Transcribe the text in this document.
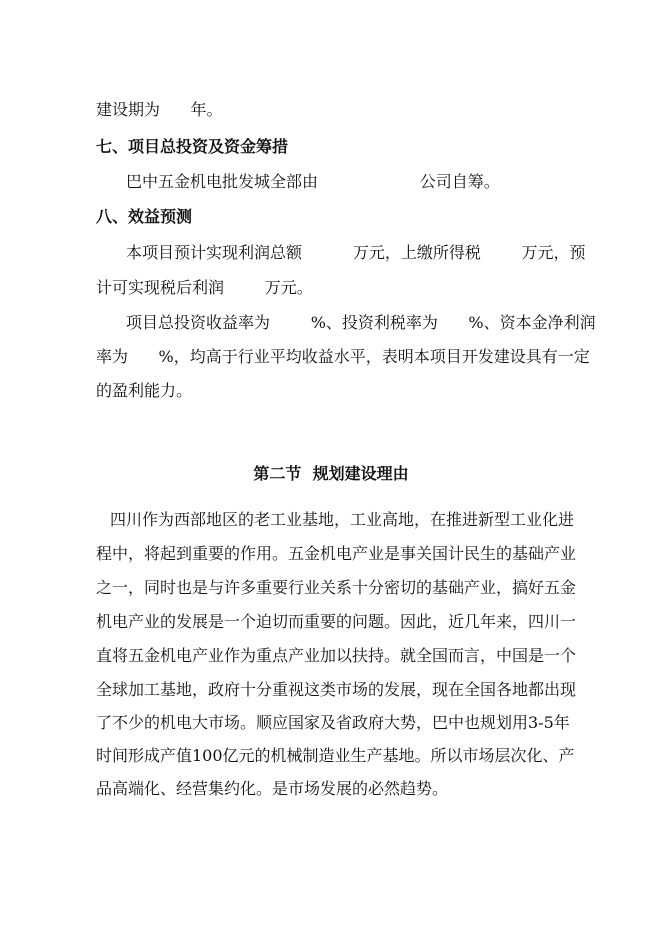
建设期为      年。
七、项目总投资及资金筹措
巴中五金机电批发城全部由                    公司自筹。
八、效益预测
本项目预计实现利润总额          万元，上缴所得税        万元，预
计可实现税后利润        万元。
项目总投资收益率为        %、投资利税率为      %、资本金净利润
率为      %，均高于行业平均收益水平，表明本项目开发建设具有一定
的盈利能力。
第二节  规划建设理由
四川作为西部地区的老工业基地，工业高地，在推进新型工业化进
程中，将起到重要的作用。五金机电产业是事关国计民生的基础产业
之一，同时也是与许多重要行业关系十分密切的基础产业，搞好五金
机电产业的发展是一个迫切而重要的问题。因此，近几年来，四川一
直将五金机电产业作为重点产业加以扶持。就全国而言，中国是一个
全球加工基地，政府十分重视这类市场的发展，现在全国各地都出现
了不少的机电大市场。顺应国家及省政府大势，巴中也规划用3-5年
时间形成产值100亿元的机械制造业生产基地。所以市场层次化、产
品高端化、经营集约化。是市场发展的必然趋势。
